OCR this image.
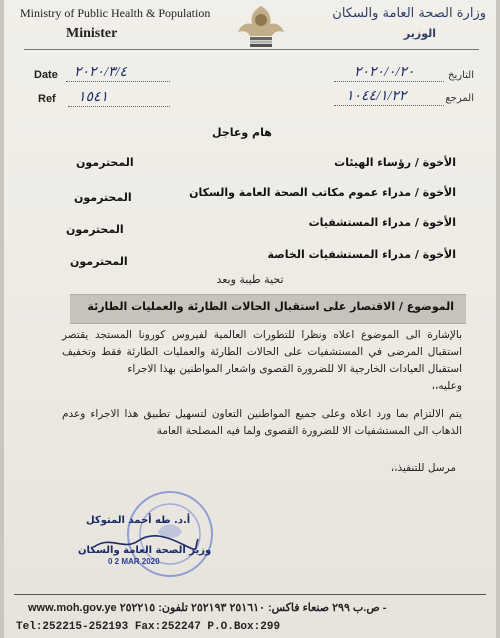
Ministry of Public Health & Population
Minister
وزارة الصحة العامة والسكان
الوزير
Date ٢٠٢٠/٣/٤
Ref ١٥٤١
التاريخ
٢٠٢٠/٠/٢٠
المرجع
١٠٤٤/١/٢٢
هام وعاجل
الأخوة / رؤساء الهيئات
المحترمون
الأخوة / مدراء عموم مكاتب الصحة العامة والسكان
المحترمون
الأخوة / مدراء المستشفيات
المحترمون
الأخوة / مدراء المستشفيات الخاصة
المحترمون
تحية طيبة وبعد
الموضوع / الاقتصار على استقبال الحالات الطارئة والعمليات الطارئة
بالإشارة الى الموضوع اعلاه ونظرا للتطورات العالمية لفيروس كورونا المستجد يقتصر استقبال المرضى في المستشفيات على الحالات الطارئة والعمليات الطارئة فقط وتخفيف استقبال العيادات الخارجية الا للضرورة القصوى واشعار المواطنين بهذا الاجراء
وعليه،،
يتم الالتزام بما ورد اعلاه وعلى جميع المواطنين التعاون لتسهيل تطبيق هذا الاجراء وعدم الذهاب الى المستشفيات الا للضرورة القصوى ولما فيه المصلحة العامة
مرسل للتنفيذ،،
أ.د. طه أحمد المتوكل
وزير الصحة العامة والسكان
0 2 MAR 2020
www.moh.gov.ye ص.ب ٢٩٩ صنعاء فاكس: ٢٥١٦١٠ ٢٥٢١٩٣ تلفون: ٢٥٢٢١٥ -
Tel:252215-252193 Fax:252247 P.O.Box:299
